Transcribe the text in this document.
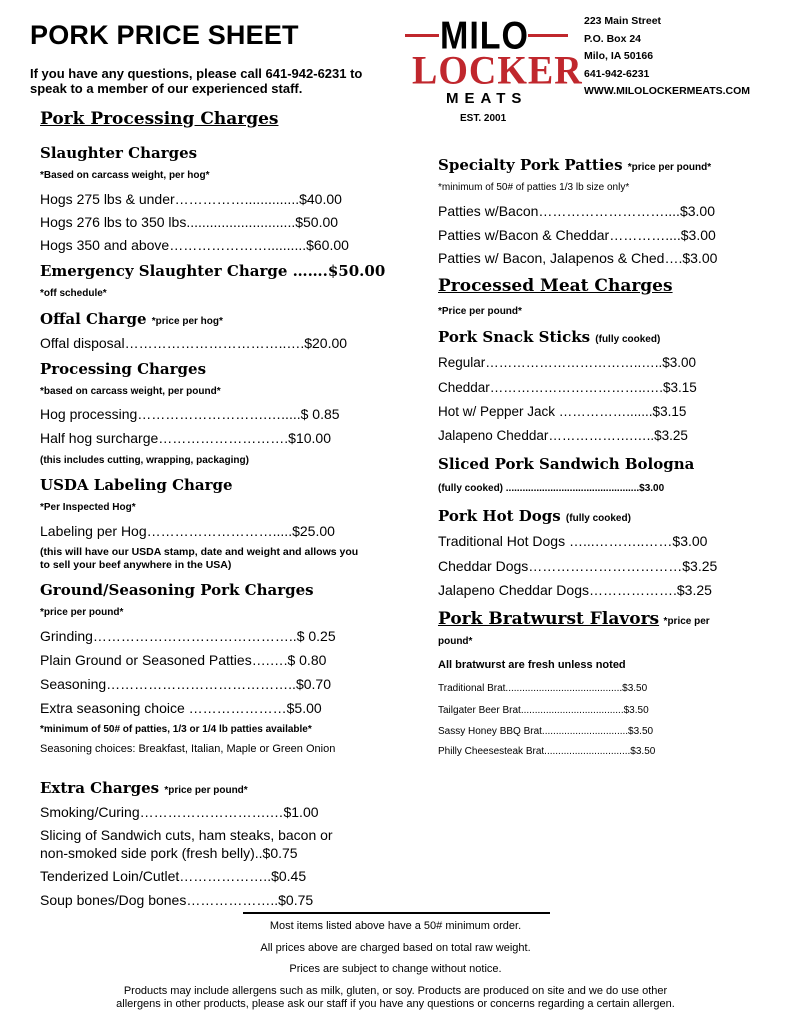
PORK PRICE SHEET
If you have any questions, please call 641-942-6231 to speak to a member of our experienced staff.
MILO
LOCKER
MEATS
EST. 2001
223 Main Street
P.O. Box 24
Milo, IA 50166
641-942-6231
WWW.MILOLOCKERMEATS.COM
Pork Processing Charges
Slaughter Charges
*Based on carcass weight, per hog*
Hogs 275 lbs & under……………..............$40.00
Hogs 276 lbs to 350 lbs............................$50.00
Hogs 350 and above…………………..........$60.00
Emergency Slaughter Charge …….$50.00
*off schedule*
Offal Charge *price per hog*
Offal disposal……………………………..….$20.00
Processing Charges
*based on carcass weight, per pound*
Hog processing……………………….….....$ 0.85
Half hog surcharge……………………….$10.00
(this includes cutting, wrapping, packaging)
USDA Labeling Charge
*Per Inspected Hog*
Labeling per Hog……………………….....$25.00
(this will have our USDA stamp, date and weight and allows you to sell your beef anywhere in the USA)
Ground/Seasoning Pork Charges
*price per pound*
Grinding……………………………………..$ 0.25
Plain Ground or Seasoned Patties….….$ 0.80
Seasoning…………………………………..$0.70
Extra seasoning choice …………………$5.00
*minimum of 50# of patties, 1/3 or 1/4 lb patties available*
Seasoning choices: Breakfast, Italian, Maple or Green Onion
Extra Charges *price per pound*
Smoking/Curing……………………….…$1.00
Slicing of Sandwich cuts, ham steaks, bacon or
non-smoked side pork (fresh belly)..$0.75
Tenderized Loin/Cutlet………………..$0.45
Soup bones/Dog bones………………..$0.75
Specialty Pork Patties *price per pound*
*minimum of 50# of patties 1/3 lb size only*
Patties w/Bacon………………………....$3.00
Patties w/Bacon & Cheddar…………....$3.00
Patties w/ Bacon, Jalapenos & Ched….$3.00
Processed Meat Charges
*Price per pound*
Pork Snack Sticks (fully cooked)
Regular……………………………..…..$3.00
Cheddar……………………………..….$3.15
Hot w/ Pepper Jack …………….......$3.15
Jalapeno Cheddar……………….…..$3.25
Sliced Pork Sandwich Bologna
(fully cooked) ................................................$3.00
Pork Hot Dogs (fully cooked)
Traditional Hot Dogs …...………..……$3.00
Cheddar Dogs……………………………$3.25
Jalapeno Cheddar Dogs……………….$3.25
Pork Bratwurst Flavors *price per
pound*
All bratwurst are fresh unless noted
Traditional Brat..........................................$3.50
Tailgater Beer Brat.....................................$3.50
Sassy Honey BBQ Brat...............................$3.50
Philly Cheesesteak Brat...............................$3.50
Most items listed above have a 50# minimum order.
All prices above are charged based on total raw weight.
Prices are subject to change without notice.
Products may include allergens such as milk, gluten, or soy. Products are produced on site and we do use other
allergens in other products, please ask our staff if you have any questions or concerns regarding a certain allergen.
